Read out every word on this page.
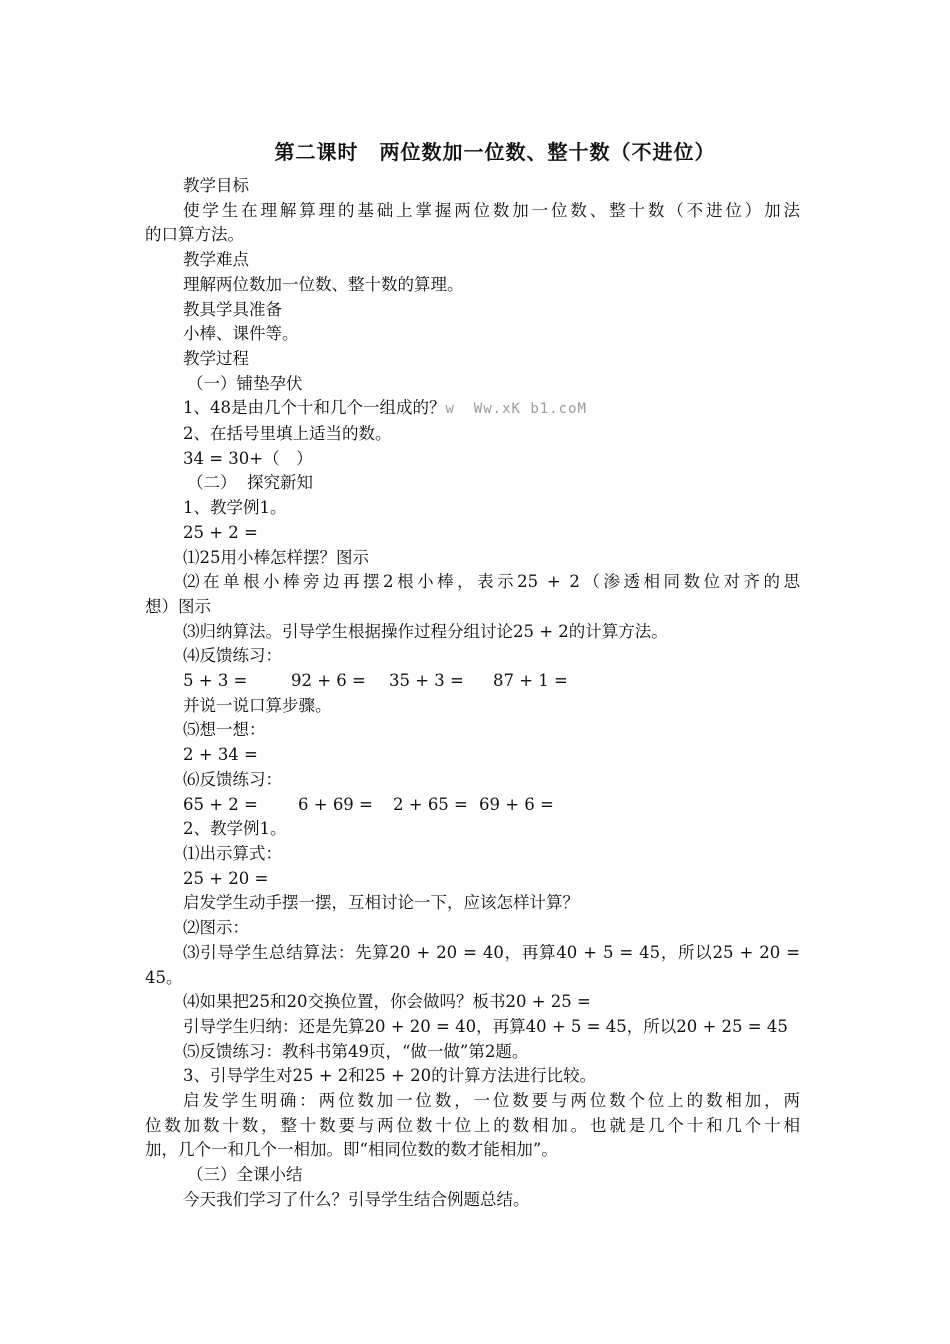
第二课时　两位数加一位数、整十数（不进位）
教学目标
使学生在理解算理的基础上掌握两位数加一位数、整十数（不进位）加法
的口算方法。
教学难点
理解两位数加一位数、整十数的算理。
教具学具准备
小棒、课件等。
教学过程
（一）铺垫孕伏
1、48是由几个十和几个一组成的？w  Ww.xK b1.coM
2、在括号里填上适当的数。
34 = 30+（　）
（二）  探究新知
1、教学例1。
25 + 2 =
⑴25用小棒怎样摆？图示
⑵在单根小棒旁边再摆2根小棒，表示25 + 2（渗透相同数位对齐的思
想）图示
⑶归纳算法。引导学生根据操作过程分组讨论25 + 2的计算方法。
⑷反馈练习：
5 + 3 =	92 + 6 =	35 + 3 =	87 + 1 =
并说一说口算步骤。
⑸想一想：
2 + 34 =
⑹反馈练习：
65 + 2 =	6 + 69 =	2 + 65 = 69 + 6 =
2、教学例1。
⑴出示算式：
25 + 20 =
启发学生动手摆一摆，互相讨论一下，应该怎样计算？
⑵图示：
⑶引导学生总结算法：先算20 + 20 = 40，再算40 + 5 = 45，所以25 + 20 =
45。
⑷如果把25和20交换位置，你会做吗？板书20 + 25 =
引导学生归纳：还是先算20 + 20 = 40，再算40 + 5 = 45，所以20 + 25 = 45
⑸反馈练习：教科书第49页，“做一做”第2题。
3、引导学生对25 + 2和25 + 20的计算方法进行比较。
启发学生明确：两位数加一位数，一位数要与两位数个位上的数相加，两
位数加数十数，整十数要与两位数十位上的数相加。也就是几个十和几个十相
加，几个一和几个一相加。即“相同位数的数才能相加”。
（三）全课小结
今天我们学习了什么？引导学生结合例题总结。
